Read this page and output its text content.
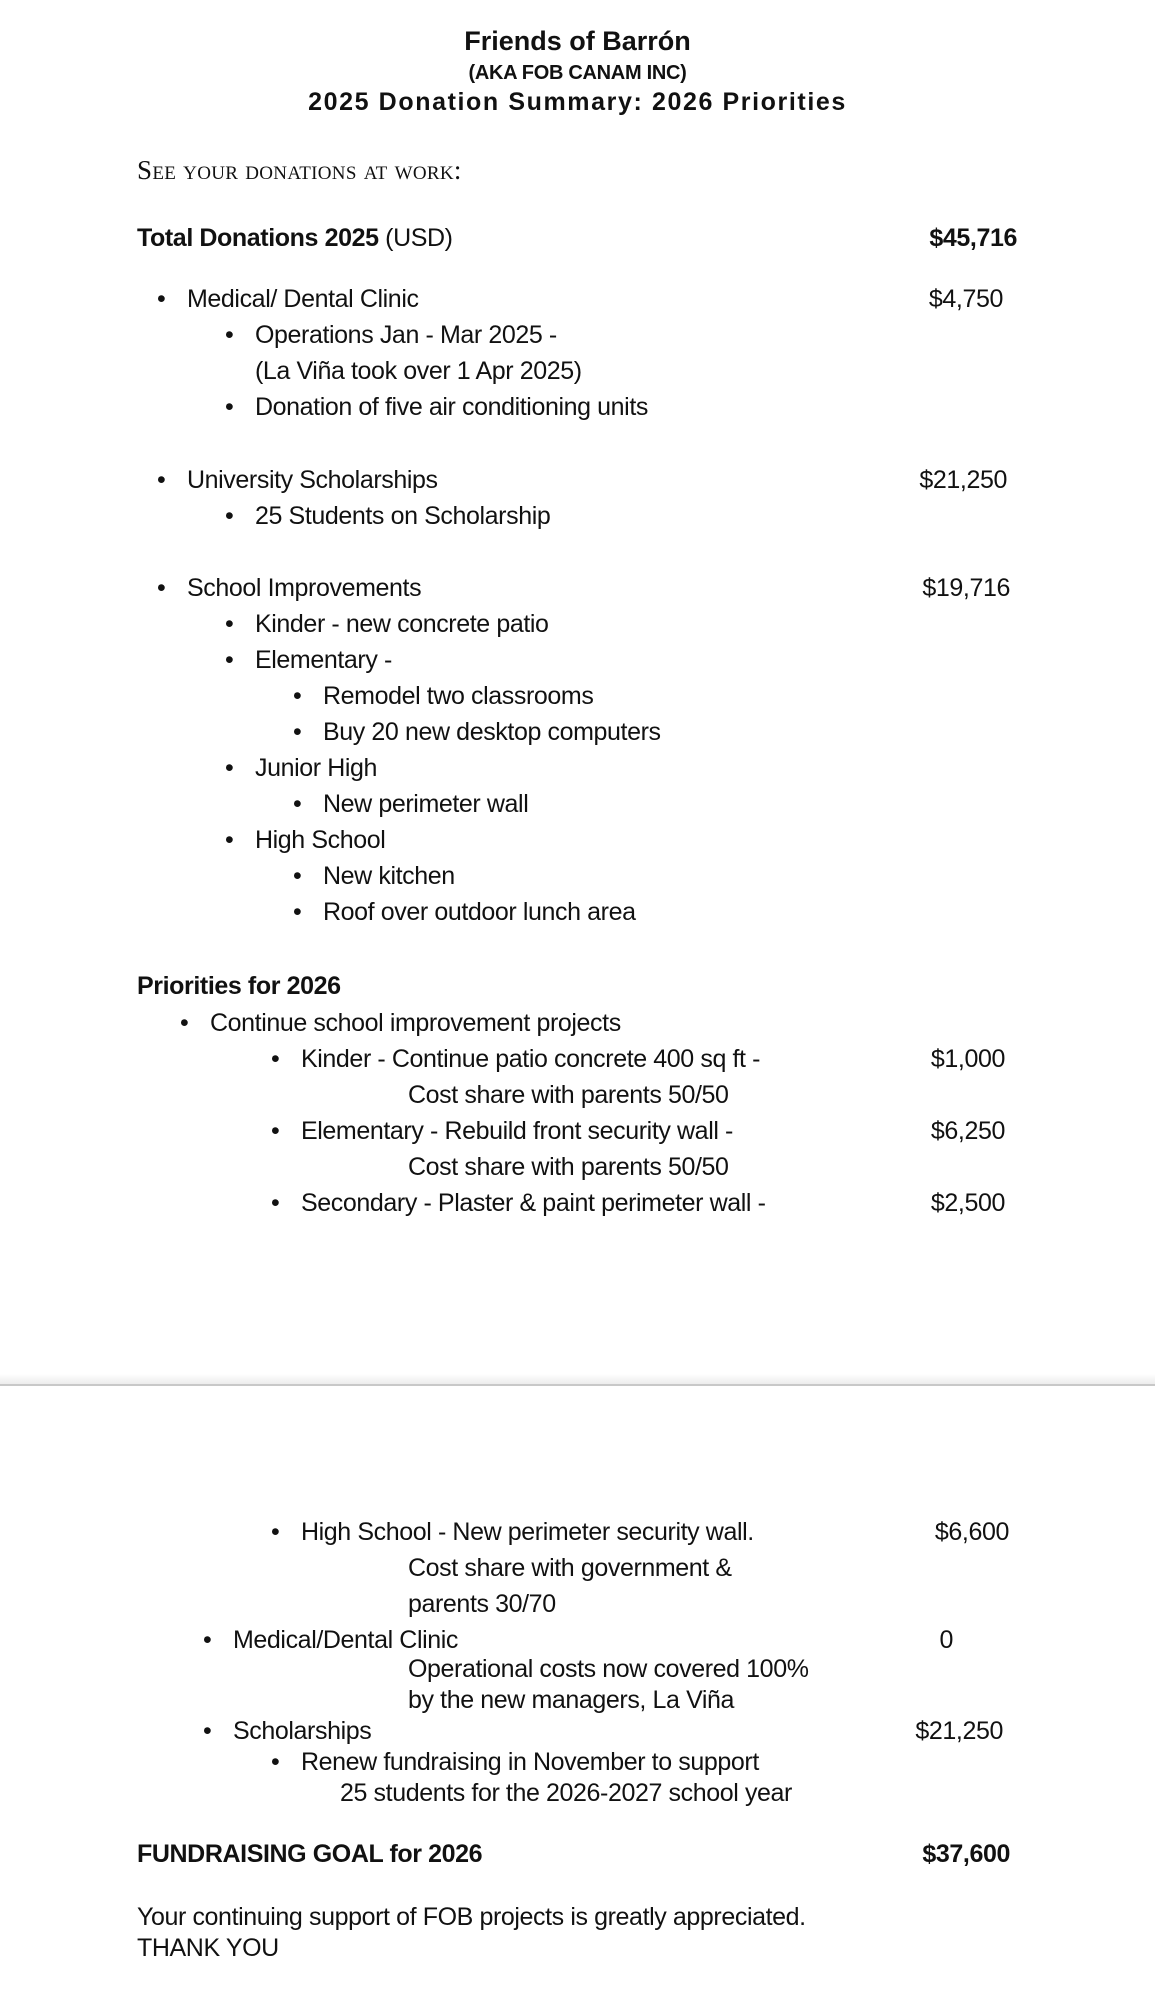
Friends of Barrón
(AKA FOB CANAM INC)
2025 Donation Summary: 2026 Priorities
See your donations at work:
Total Donations 2025 (USD)	$45,716
• Medical/ Dental Clinic	$4,750
• Operations Jan - Mar 2025 -
(La Viña took over 1 Apr 2025)
• Donation of five air conditioning units
• University Scholarships	$21,250
• 25 Students on Scholarship
• School Improvements	$19,716
• Kinder - new concrete patio
• Elementary -
• Remodel two classrooms
• Buy 20 new desktop computers
• Junior High
• New perimeter wall
• High School
• New kitchen
• Roof over outdoor lunch area
Priorities for 2026
• Continue school improvement projects
• Kinder - Continue patio concrete 400 sq ft -	$1,000
Cost share with parents 50/50
• Elementary - Rebuild front security wall -	$6,250
Cost share with parents 50/50
• Secondary - Plaster & paint perimeter wall -	$2,500
• High School - New perimeter security wall.	$6,600
Cost share with government &
parents 30/70
• Medical/Dental Clinic	0
Operational costs now covered 100%
by the new managers, La Viña
• Scholarships	$21,250
• Renew fundraising in November to support
25 students for the 2026-2027 school year
FUNDRAISING GOAL for 2026	$37,600
Your continuing support of FOB projects is greatly appreciated.
THANK YOU
